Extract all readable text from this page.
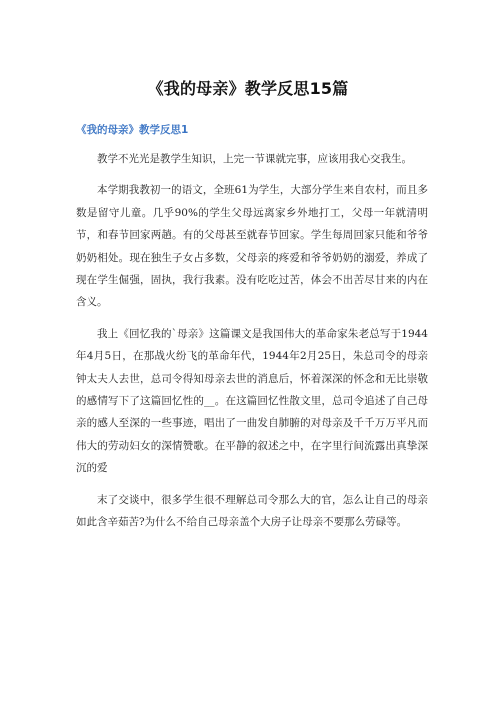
《我的母亲》教学反思15篇
《我的母亲》教学反思1

教学不光光是教学生知识，上完一节课就完事，应该用我心交我生。

本学期我教初一的语文，全班61为学生，大部分学生来自农村，而且多数是留守儿童。几乎90%的学生父母远离家乡外地打工，父母一年就清明节，和春节回家两趟。有的父母甚至就春节回家。学生每周回家只能和爷爷奶奶相处。现在独生子女占多数，父母亲的疼爱和爷爷奶奶的溺爱，养成了现在学生倔强，固执，我行我素。没有吃吃过苦，体会不出苦尽甘来的内在含义。

我上《回忆我的`母亲》这篇课文是我国伟大的革命家朱老总写于1944年4月5日，在那战火纷飞的革命年代，1944年2月25日，朱总司令的母亲钟太夫人去世，总司令得知母亲去世的消息后，怀着深深的怀念和无比崇敬的感情写下了这篇回忆性的__。在这篇回忆性散文里，总司令追述了自己母亲的感人至深的一些事迹，唱出了一曲发自肺腑的对母亲及千千万万平凡而伟大的劳动妇女的深情赞歌。在平静的叙述之中，在字里行间流露出真挚深沉的爱

末了交谈中，很多学生很不理解总司令那么大的官，怎么让自己的母亲如此含辛茹苦?为什么不给自己母亲盖个大房子让母亲不要那么劳碌等。
